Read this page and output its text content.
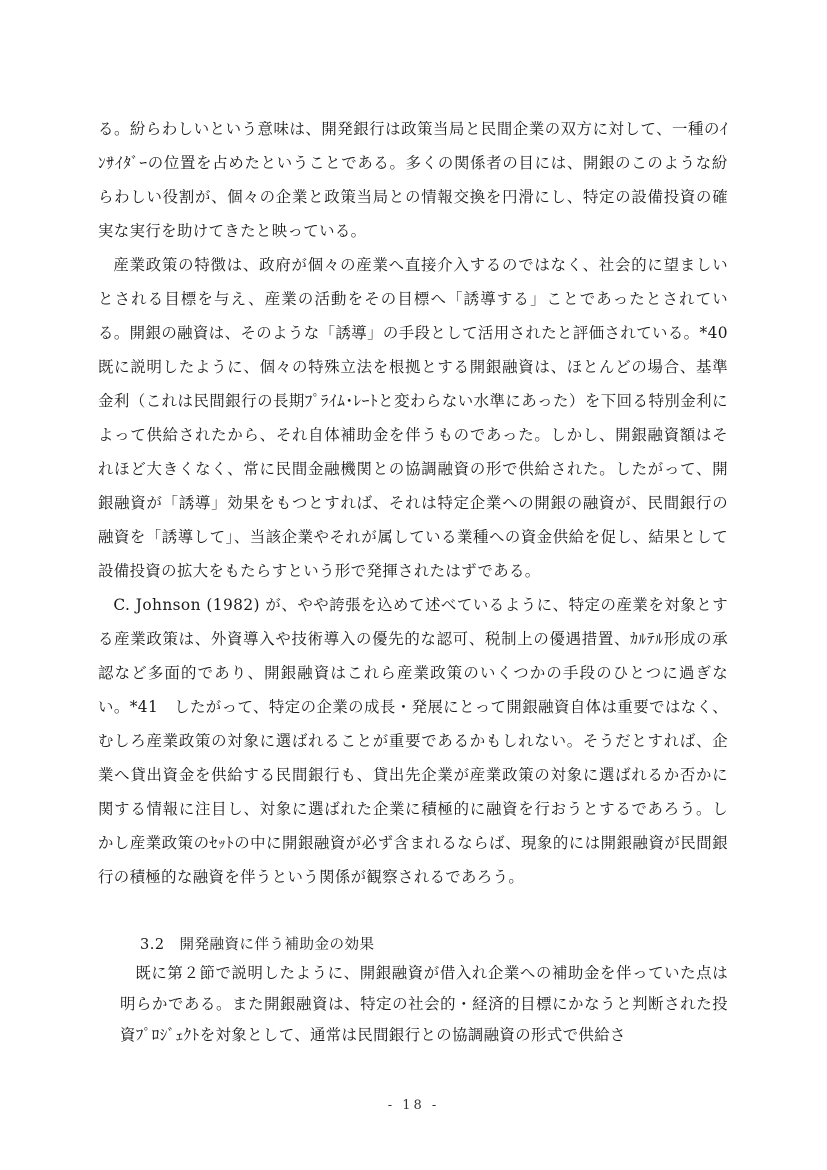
る。紛らわしいという意味は、開発銀行は政策当局と民間企業の双方に対して、一種のｲﾝｻｲﾀﾞｰの位置を占めたということである。多くの関係者の目には、開銀のこのような紛らわしい役割が、個々の企業と政策当局との情報交換を円滑にし、特定の設備投資の確実な実行を助けてきたと映っている。

産業政策の特徴は、政府が個々の産業へ直接介入するのではなく、社会的に望ましいとされる目標を与え、産業の活動をその目標へ「誘導する」ことであったとされている。開銀の融資は、そのような「誘導」の手段として活用されたと評価されている。*40　既に説明したように、個々の特殊立法を根拠とする開銀融資は、ほとんどの場合、基準金利（これは民間銀行の長期ﾌﾟﾗｲﾑ･ﾚｰﾄと変わらない水準にあった）を下回る特別金利によって供給されたから、それ自体補助金を伴うものであった。しかし、開銀融資額はそれほど大きくなく、常に民間金融機関との協調融資の形で供給された。したがって、開銀融資が「誘導」効果をもつとすれば、それは特定企業への開銀の融資が、民間銀行の融資を「誘導して」、当該企業やそれが属している業種への資金供給を促し、結果として設備投資の拡大をもたらすという形で発揮されたはずである。

C. Johnson (1982) が、やや誇張を込めて述べているように、特定の産業を対象とする産業政策は、外資導入や技術導入の優先的な認可、税制上の優遇措置、ｶﾙﾃﾙ形成の承認など多面的であり、開銀融資はこれら産業政策のいくつかの手段のひとつに過ぎない。*41　したがって、特定の企業の成長・発展にとって開銀融資自体は重要ではなく、むしろ産業政策の対象に選ばれることが重要であるかもしれない。そうだとすれば、企業へ貸出資金を供給する民間銀行も、貸出先企業が産業政策の対象に選ばれるか否かに関する情報に注目し、対象に選ばれた企業に積極的に融資を行おうとするであろう。しかし産業政策のｾｯﾄの中に開銀融資が必ず含まれるならば、現象的には開銀融資が民間銀行の積極的な融資を伴うという関係が観察されるであろう。

3.2　開発融資に伴う補助金の効果

既に第２節で説明したように、開銀融資が借入れ企業への補助金を伴っていた点は明らかである。また開銀融資は、特定の社会的・経済的目標にかなうと判断された投資ﾌﾟﾛｼﾞｪｸﾄを対象として、通常は民間銀行との協調融資の形式で供給さ

- 18 -
